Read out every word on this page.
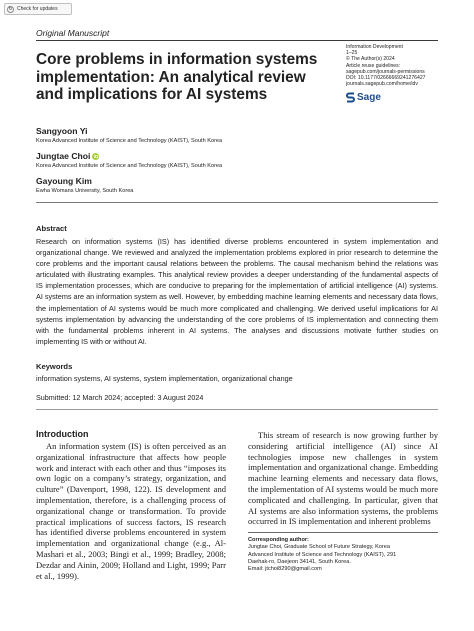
↻ Check for updates
Original Manuscript
Core problems in information systems implementation: An analytical review and implications for AI systems
Information Development
1–25
© The Author(s) 2024
Article reuse guidelines:
sagepub.com/journals-permissions
DOI: 10.1177/02666669241276427
journals.sagepub.com/home/idv
Sage
Sangyoon Yi
Korea Advanced Institute of Science and Technology (KAIST), South Korea
Jungtae Choi iD
Korea Advanced Institute of Science and Technology (KAIST), South Korea
Gayoung Kim
Ewha Womans University, South Korea
Abstract
Research on information systems (IS) has identified diverse problems encountered in system implementation and organizational change. We reviewed and analyzed the implementation problems explored in prior research to determine the core problems and the important causal relations between the problems. The causal mechanism behind the relations was articulated with illustrating examples. This analytical review provides a deeper understanding of the fundamental aspects of IS implementation processes, which are conducive to preparing for the implementation of artificial intelligence (AI) systems. AI systems are an information system as well. However, by embedding machine learning elements and necessary data flows, the implementation of AI systems would be much more complicated and challenging. We derived useful implications for AI systems implementation by advancing the understanding of the core problems of IS implementation and connecting them with the fundamental problems inherent in AI systems. The analyses and discussions motivate further studies on implementing IS with or without AI.
Keywords
information systems, AI systems, system implementation, organizational change
Submitted: 12 March 2024; accepted: 3 August 2024
Introduction
An information system (IS) is often perceived as an organizational infrastructure that affects how people work and interact with each other and thus “imposes its own logic on a company’s strategy, organization, and culture” (Davenport, 1998, 122). IS development and implementation, therefore, is a challenging process of organizational change or transformation. To provide practical implications of success factors, IS research has identified diverse problems encountered in system implementation and organizational change (e.g., Al-Mashari et al., 2003; Bingi et al., 1999; Bradley, 2008; Dezdar and Ainin, 2009; Holland and Light, 1999; Parr et al., 1999).
This stream of research is now growing further by considering artificial intelligence (AI) since AI technologies impose new challenges in system implementation and organizational change. Embedding machine learning elements and necessary data flows, the implementation of AI systems would be much more complicated and challenging. In particular, given that AI systems are also information systems, the problems occurred in IS implementation and inherent problems
Corresponding author:
Jungtae Choi, Graduate School of Future Strategy, Korea
Advanced Institute of Science and Technology (KAIST), 291
Daehak-ro, Daejeon 34141, South Korea.
Email: jtchoi8290@gmail.com
